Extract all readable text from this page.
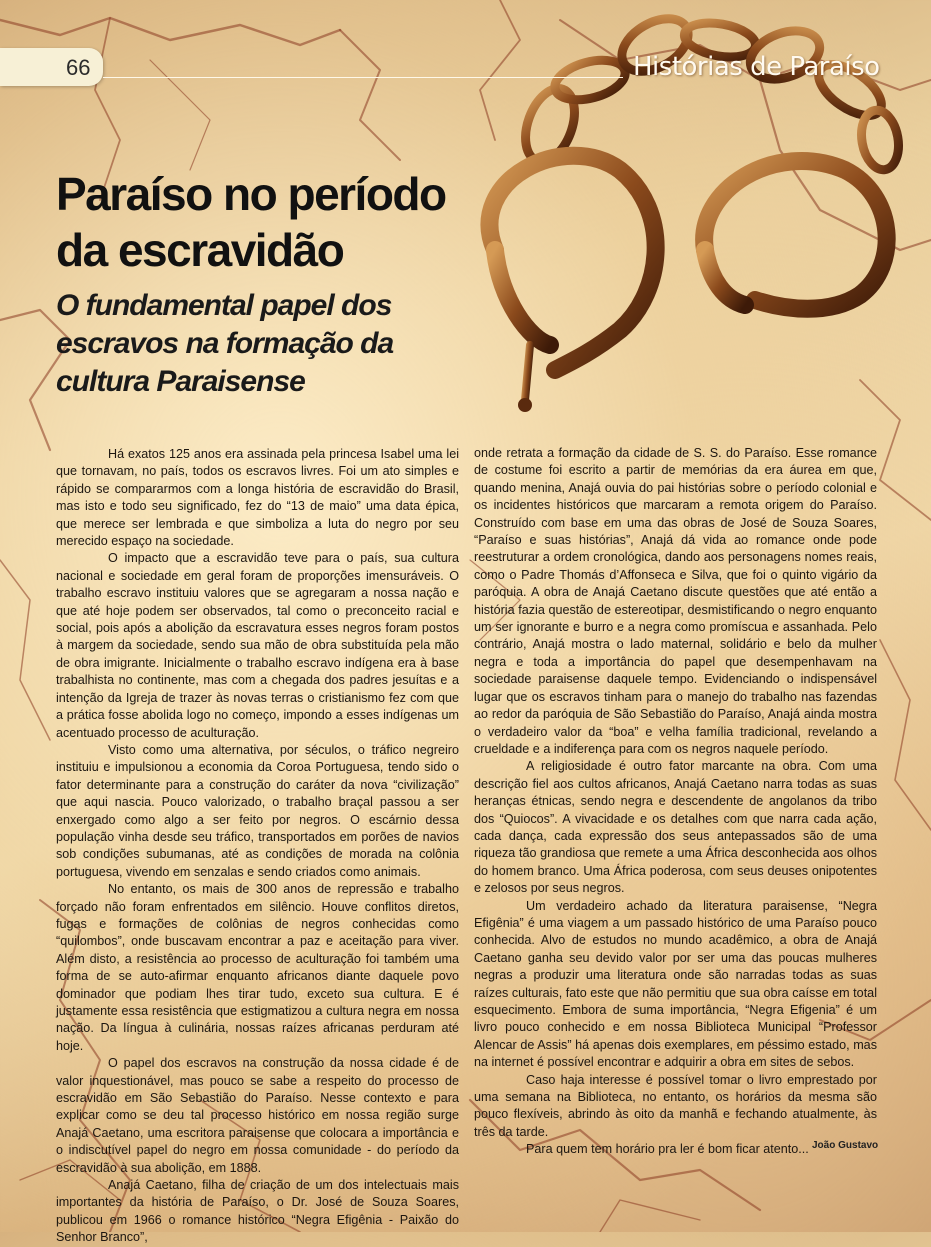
66	Histórias de Paraíso
Paraíso no período
da escravidão
O fundamental papel dos
escravos na formação da
cultura Paraisense

Há exatos 125 anos era assinada pela princesa Isabel uma lei que tornavam, no país, todos os escravos livres. Foi um ato simples e rápido se compararmos com a longa história de escravidão do Brasil, mas isto e todo seu significado, fez do “13 de maio” uma data épica, que merece ser lembrada e que simboliza a luta do negro por seu merecido espaço na sociedade.

O impacto que a escravidão teve para o país, sua cultura nacional e sociedade em geral foram de proporções imensuráveis. O trabalho escravo instituiu valores que se agregaram a nossa nação e que até hoje podem ser observados, tal como o preconceito racial e social, pois após a abolição da escravatura esses negros foram postos à margem da sociedade, sendo sua mão de obra substituída pela mão de obra imigrante. Inicialmente o trabalho escravo indígena era à base trabalhista no continente, mas com a chegada dos padres jesuítas e a intenção da Igreja de trazer às novas terras o cristianismo fez com que a prática fosse abolida logo no começo, impondo a esses indígenas um acentuado processo de aculturação.

Visto como uma alternativa, por séculos, o tráfico negreiro instituiu e impulsionou a economia da Coroa Portuguesa, tendo sido o fator determinante para a construção do caráter da nova “civilização” que aqui nascia. Pouco valorizado, o trabalho braçal passou a ser enxergado como algo a ser feito por negros. O escárnio dessa população vinha desde seu tráfico, transportados em porões de navios sob condições subumanas, até as condições de morada na colônia portuguesa, vivendo em senzalas e sendo criados como animais.

No entanto, os mais de 300 anos de repressão e trabalho forçado não foram enfrentados em silêncio. Houve conflitos diretos, fugas e formações de colônias de negros conhecidas como “quilombos”, onde buscavam encontrar a paz e aceitação para viver. Além disto, a resistência ao processo de aculturação foi também uma forma de se auto-afirmar enquanto africanos diante daquele povo dominador que podiam lhes tirar tudo, exceto sua cultura. E é justamente essa resistência que estigmatizou a cultura negra em nossa nação. Da língua à culinária, nossas raízes africanas perduram até hoje.

O papel dos escravos na construção da nossa cidade é de valor inquestionável, mas pouco se sabe a respeito do processo de escravidão em São Sebastião do Paraíso. Nesse contexto e para explicar como se deu tal processo histórico em nossa região surge Anajá Caetano, uma escritora paraisense que colocara a importância e o indiscutível papel do negro em nossa comunidade - do período da escravidão à sua abolição, em 1888.

Anajá Caetano, filha de criação de um dos intelectuais mais importantes da história de Paraíso, o Dr. José de Souza Soares, publicou em 1966 o romance histórico “Negra Efigênia - Paixão do Senhor Branco”,

onde retrata a formação da cidade de S. S. do Paraíso. Esse romance de costume foi escrito a partir de memórias da era áurea em que, quando menina, Anajá ouvia do pai histórias sobre o período colonial e os incidentes históricos que marcaram a remota origem do Paraíso. Construído com base em uma das obras de José de Souza Soares, “Paraíso e suas histórias”, Anajá dá vida ao romance onde pode reestruturar a ordem cronológica, dando aos personagens nomes reais, como o Padre Thomás d’Affonseca e Silva, que foi o quinto vigário da paróquia. A obra de Anajá Caetano discute questões que até então a história fazia questão de estereotipar, desmistificando o negro enquanto um ser ignorante e burro e a negra como promíscua e assanhada. Pelo contrário, Anajá mostra o lado maternal, solidário e belo da mulher negra e toda a importância do papel que desempenhavam na sociedade paraisense daquele tempo. Evidenciando o indispensável lugar que os escravos tinham para o manejo do trabalho nas fazendas ao redor da paróquia de São Sebastião do Paraíso, Anajá ainda mostra o verdadeiro valor da “boa” e velha família tradicional, revelando a crueldade e a indiferença para com os negros naquele período.

A religiosidade é outro fator marcante na obra. Com uma descrição fiel aos cultos africanos, Anajá Caetano narra todas as suas heranças étnicas, sendo negra e descendente de angolanos da tribo dos “Quiocos”. A vivacidade e os detalhes com que narra cada ação, cada dança, cada expressão dos seus antepassados são de uma riqueza tão grandiosa que remete a uma África desconhecida aos olhos do homem branco. Uma África poderosa, com seus deuses onipotentes e zelosos por seus negros.

Um verdadeiro achado da literatura paraisense, “Negra Efigênia” é uma viagem a um passado histórico de uma Paraíso pouco conhecida. Alvo de estudos no mundo acadêmico, a obra de Anajá Caetano ganha seu devido valor por ser uma das poucas mulheres negras a produzir uma literatura onde são narradas todas as suas raízes culturais, fato este que não permitiu que sua obra caísse em total esquecimento. Embora de suma importância, “Negra Efigenia” é um livro pouco conhecido e em nossa Biblioteca Municipal “Professor Alencar de Assis” há apenas dois exemplares, em péssimo estado, mas na internet é possível encontrar e adquirir a obra em sites de sebos.

Caso haja interesse é possível tomar o livro emprestado por uma semana na Biblioteca, no entanto, os horários da mesma são pouco flexíveis, abrindo às oito da manhã e fechando atualmente, às três da tarde.

Para quem tem horário pra ler é bom ficar atento... João Gustavo
